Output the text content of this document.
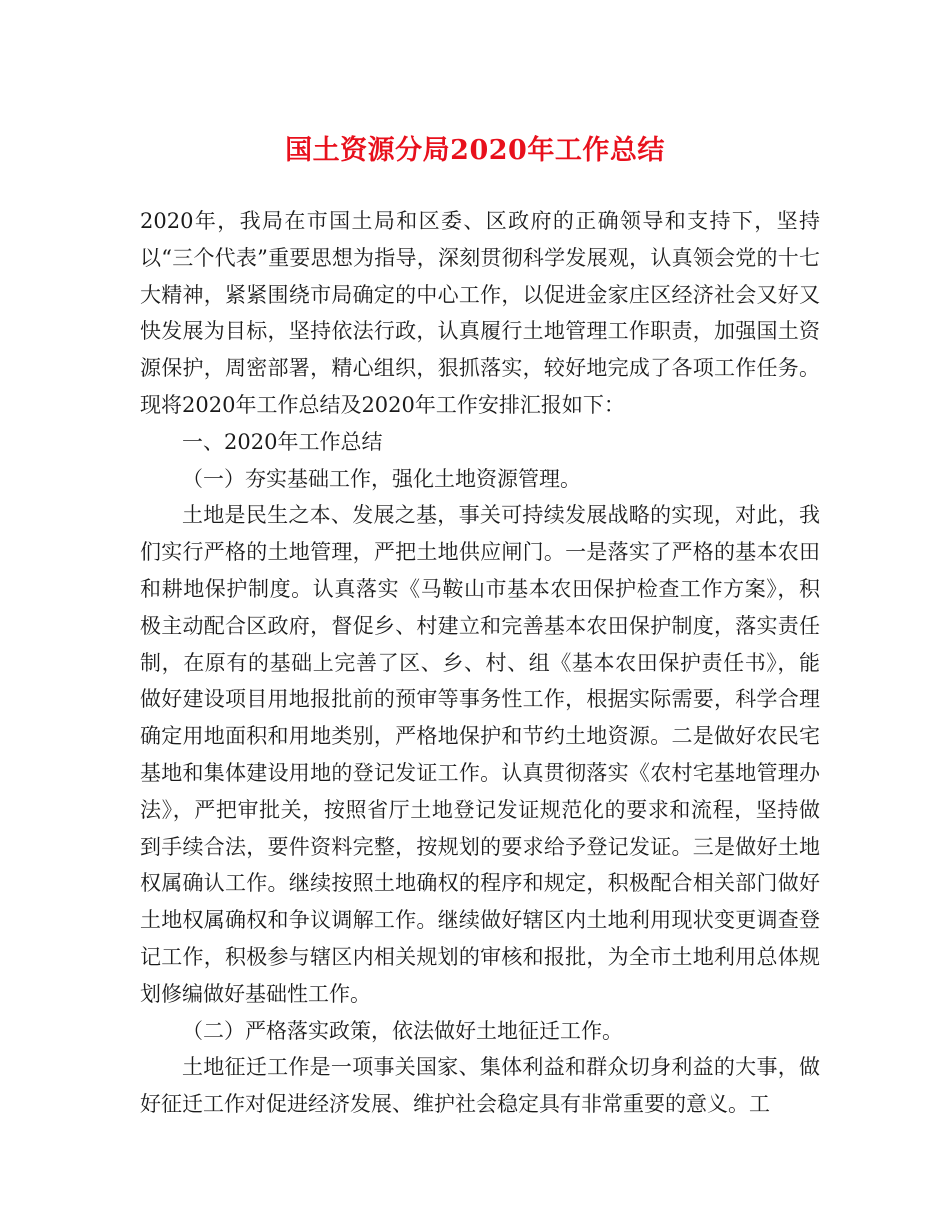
国土资源分局2020年工作总结

2020年，我局在市国土局和区委、区政府的正确领导和支持下，坚持以“三个代表”重要思想为指导，深刻贯彻科学发展观，认真领会党的十七大精神，紧紧围绕市局确定的中心工作，以促进金家庄区经济社会又好又快发展为目标，坚持依法行政，认真履行土地管理工作职责，加强国土资源保护，周密部署，精心组织，狠抓落实，较好地完成了各项工作任务。现将2020年工作总结及2020年工作安排汇报如下：

一、2020年工作总结

（一）夯实基础工作，强化土地资源管理。

土地是民生之本、发展之基，事关可持续发展战略的实现，对此，我们实行严格的土地管理，严把土地供应闸门。一是落实了严格的基本农田和耕地保护制度。认真落实《马鞍山市基本农田保护检查工作方案》，积极主动配合区政府，督促乡、村建立和完善基本农田保护制度，落实责任制，在原有的基础上完善了区、乡、村、组《基本农田保护责任书》，能做好建设项目用地报批前的预审等事务性工作，根据实际需要，科学合理确定用地面积和用地类别，严格地保护和节约土地资源。二是做好农民宅基地和集体建设用地的登记发证工作。认真贯彻落实《农村宅基地管理办法》，严把审批关，按照省厅土地登记发证规范化的要求和流程，坚持做到手续合法，要件资料完整，按规划的要求给予登记发证。三是做好土地权属确认工作。继续按照土地确权的程序和规定，积极配合相关部门做好土地权属确权和争议调解工作。继续做好辖区内土地利用现状变更调查登记工作，积极参与辖区内相关规划的审核和报批，为全市土地利用总体规划修编做好基础性工作。

（二）严格落实政策，依法做好土地征迁工作。

土地征迁工作是一项事关国家、集体利益和群众切身利益的大事，做好征迁工作对促进经济发展、维护社会稳定具有非常重要的意义。工
